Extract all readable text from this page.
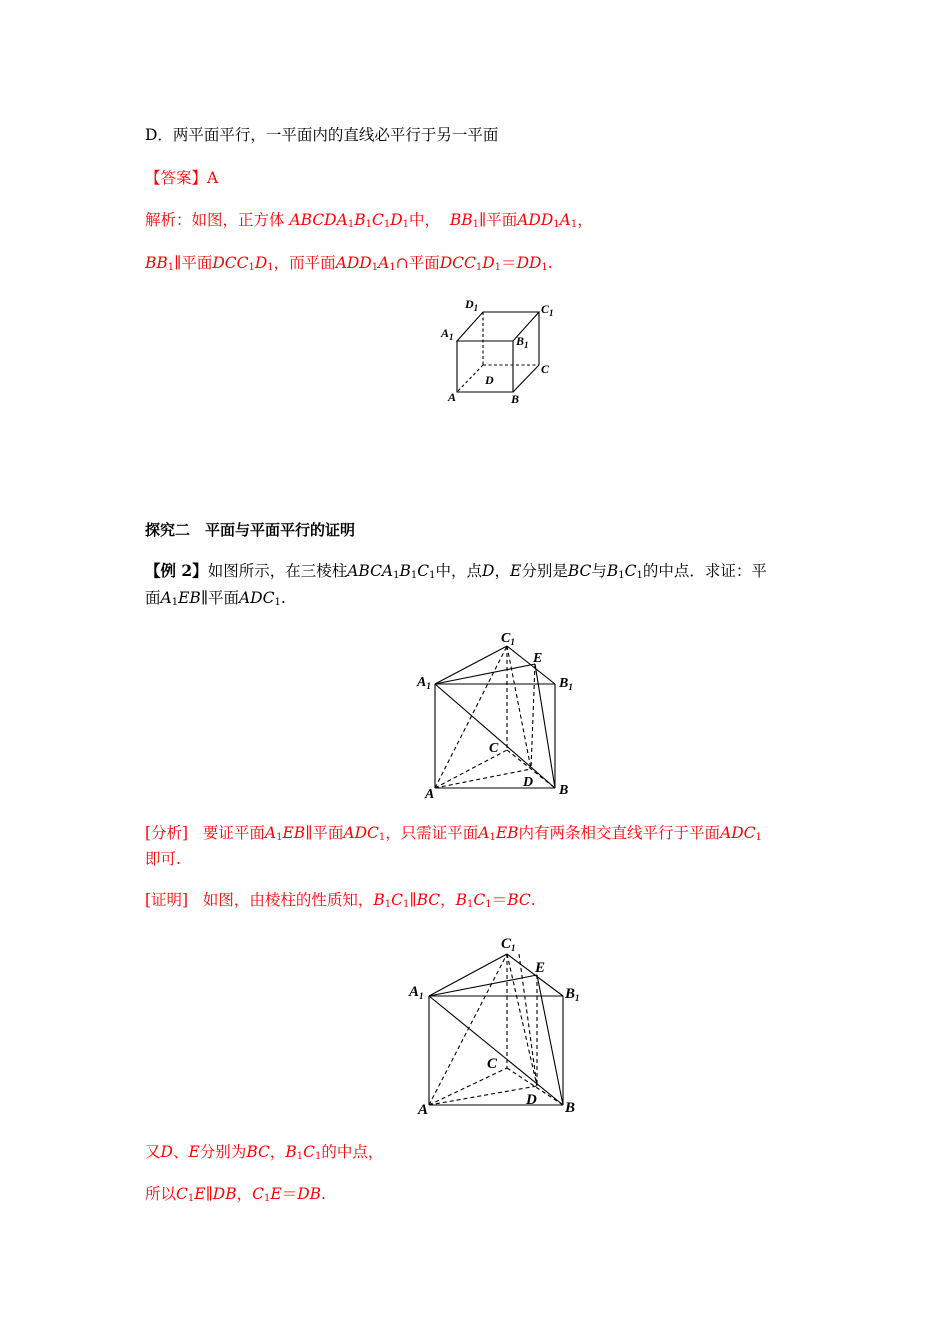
D．两平面平行，一平面内的直线必平行于另一平面
【答案】A
解析：如图，正方体 $ABCDA_1B_1C_1D_1$中， $BB_1\parallel$平面$ADD_1A_1$，
$BB_1\parallel$平面$DCC_1D_1$，而平面$ADD_1A_1\cap$平面$DCC_1D_1=DD_1$.
$D_1$	$C_1$
$A_1$	$B_1$
C
D
A	B
探究二　平面与平面平行的证明
【例 2】如图所示，在三棱柱$ABCA_1B_1C_1$中，点D，E分别是BC与$B_1C_1$的中点．求证：平
面$A_1EB\parallel$平面$ADC_1$.
$C_1$
E
$A_1$	$B_1$
C
D
A	B
[分析] 要证平面$A_1EB\parallel$平面$ADC_1$，只需证平面$A_1EB$内有两条相交直线平行于平面$ADC_1$
即可.
[证明] 如图，由棱柱的性质知，$B_1C_1\parallel BC$，$B_1C_1=BC$.
$C_1$
E
$A_1$	$B_1$
C
D
A	B
又D、E分别为BC，$B_1C_1$的中点，
所以$C_1E\parallel DB$，$C_1E=DB$.
